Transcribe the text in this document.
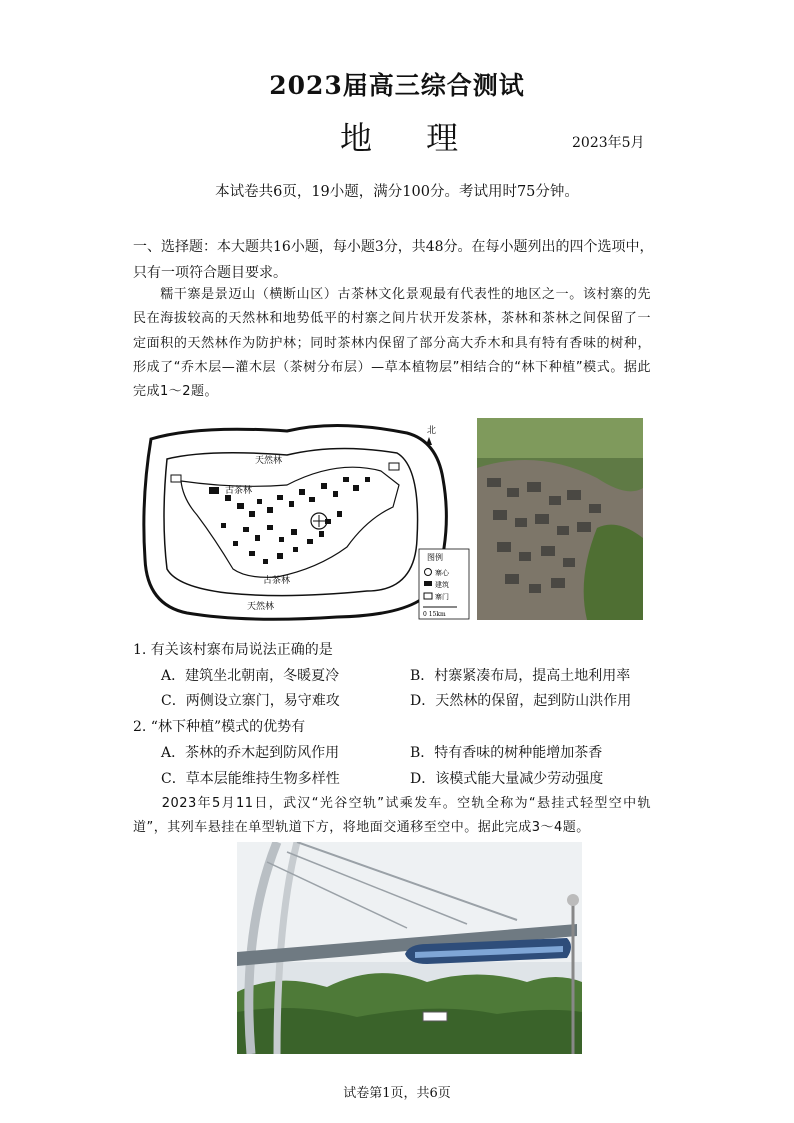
2023届高三综合测试
地 理	2023年5月
本试卷共6页，19小题，满分100分。考试用时75分钟。
一、选择题：本大题共16小题，每小题3分，共48分。在每小题列出的四个选项中，只有一项符合题目要求。
　　糯干寨是景迈山（横断山区）古茶林文化景观最有代表性的地区之一。该村寨的先民在海拔较高的天然林和地势低平的村寨之间片状开发茶林，茶林和茶林之间保留了一定面积的天然林作为防护林；同时茶林内保留了部分高大乔木和具有特有香味的树种，形成了“乔木层—灌木层（茶树分布层）—草本植物层”相结合的“林下种植”模式。据此完成1～2题。
北
天然林
古茶林
古茶林
天然林
图例
寨心
建筑
寨门
0 15km
1. 有关该村寨布局说法正确的是
A．建筑坐北朝南，冬暖夏冷	B．村寨紧凑布局，提高土地利用率
C．两侧设立寨门，易守难攻	D．天然林的保留，起到防山洪作用
2. “林下种植”模式的优势有
A．茶林的乔木起到防风作用	B．特有香味的树种能增加茶香
C．草本层能维持生物多样性	D．该模式能大量减少劳动强度
　　2023年5月11日，武汉“光谷空轨”试乘发车。空轨全称为“悬挂式轻型空中轨道”，其列车悬挂在单型轨道下方，将地面交通移至空中。据此完成3～4题。
试卷第1页，共6页
